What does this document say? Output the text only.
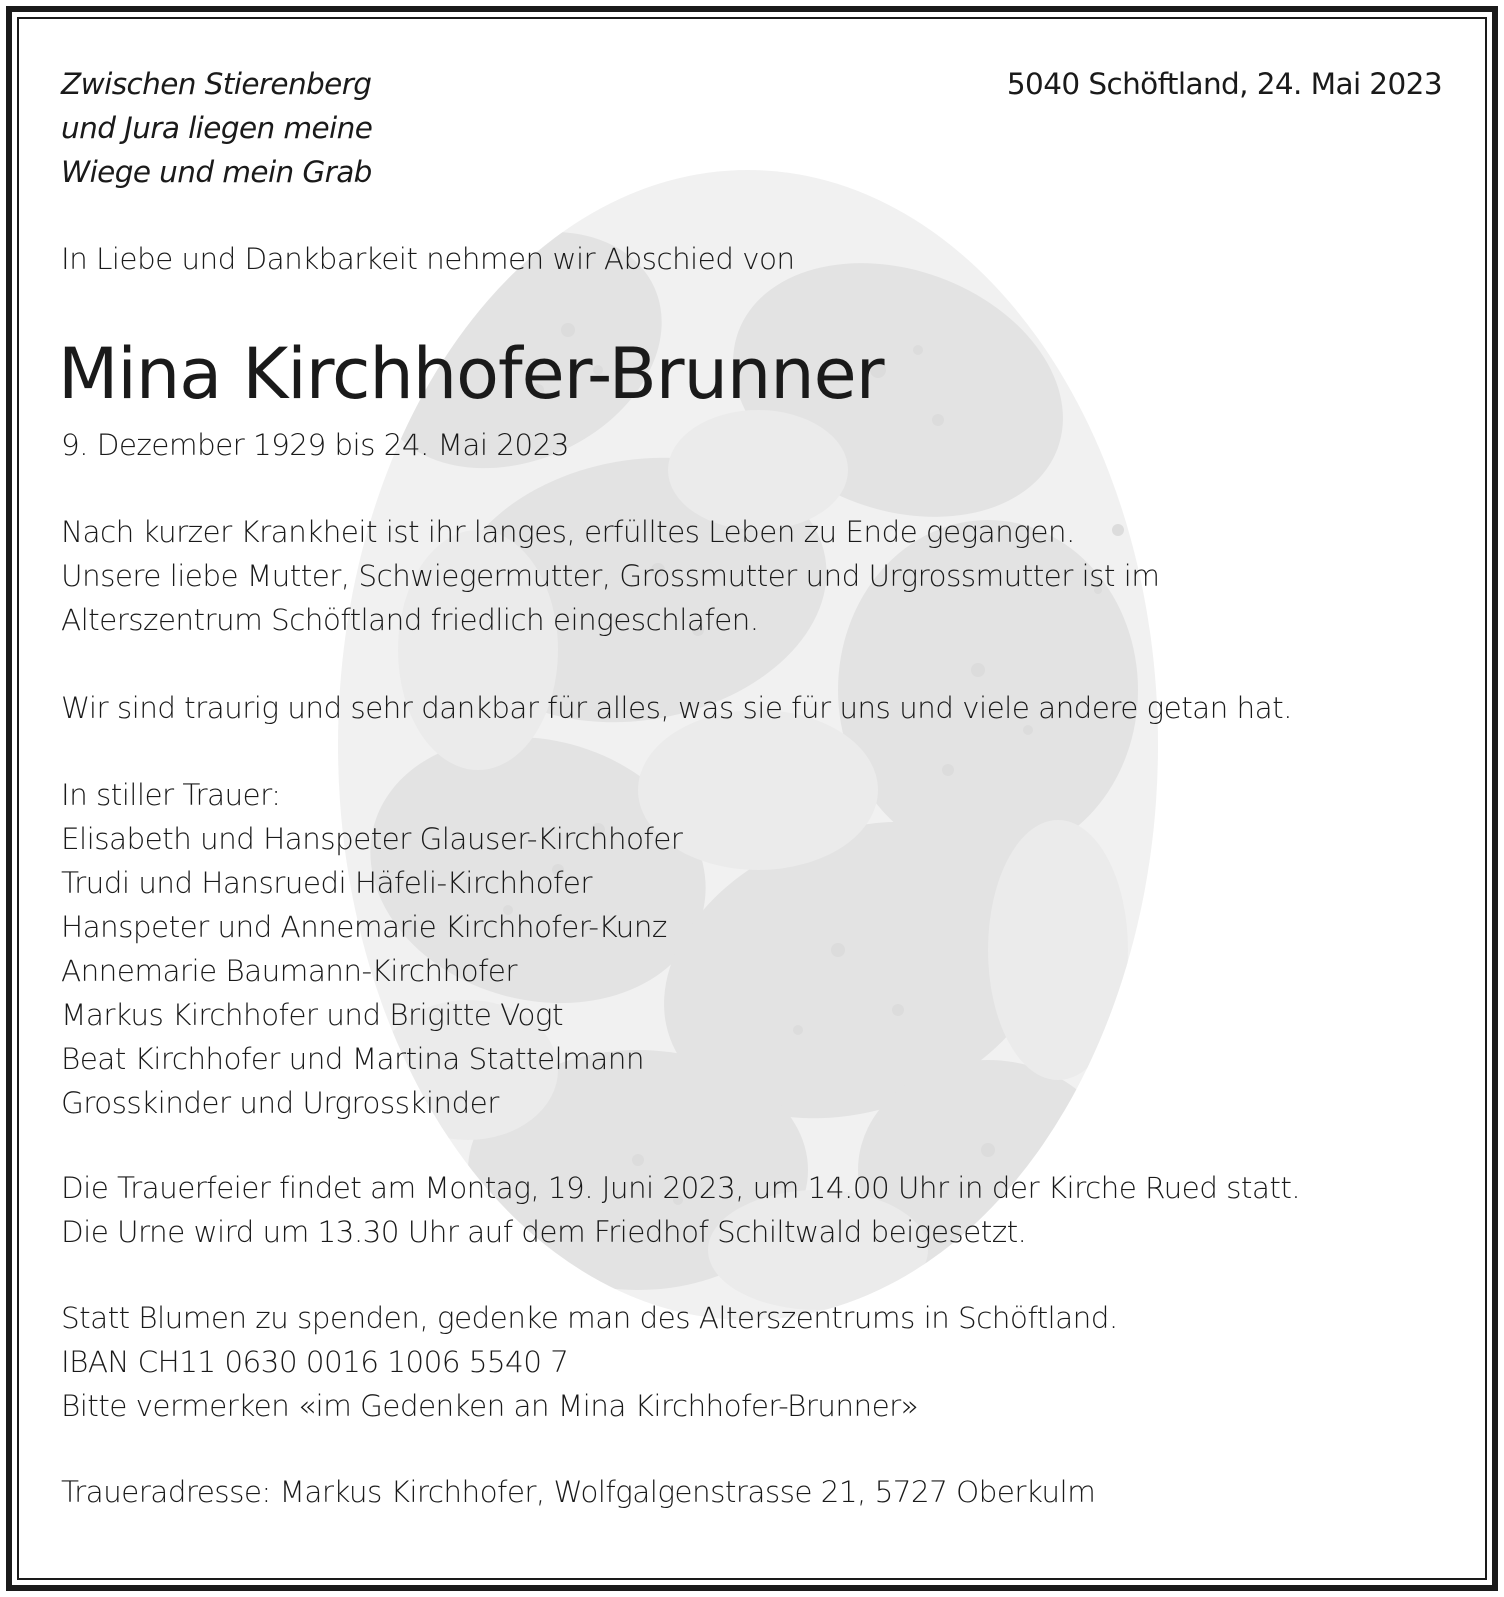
Zwischen Stierenberg
und Jura liegen meine
Wiege und mein Grab
5040 Schöftland, 24. Mai 2023
In Liebe und Dankbarkeit nehmen wir Abschied von
Mina Kirchhofer-Brunner
9. Dezember 1929 bis 24. Mai 2023
Nach kurzer Krankheit ist ihr langes, erfülltes Leben zu Ende gegangen.
Unsere liebe Mutter, Schwiegermutter, Grossmutter und Urgrossmutter ist im
Alterszentrum Schöftland friedlich eingeschlafen.
Wir sind traurig und sehr dankbar für alles, was sie für uns und viele andere getan hat.
In stiller Trauer:
Elisabeth und Hanspeter Glauser-Kirchhofer
Trudi und Hansruedi Häfeli-Kirchhofer
Hanspeter und Annemarie Kirchhofer-Kunz
Annemarie Baumann-Kirchhofer
Markus Kirchhofer und Brigitte Vogt
Beat Kirchhofer und Martina Stattelmann
Grosskinder und Urgrosskinder
Die Trauerfeier findet am Montag, 19. Juni 2023, um 14.00 Uhr in der Kirche Rued statt.
Die Urne wird um 13.30 Uhr auf dem Friedhof Schiltwald beigesetzt.
Statt Blumen zu spenden, gedenke man des Alterszentrums in Schöftland.
IBAN CH11 0630 0016 1006 5540 7
Bitte vermerken «im Gedenken an Mina Kirchhofer-Brunner»
Traueradresse: Markus Kirchhofer, Wolfgalgenstrasse 21, 5727 Oberkulm
